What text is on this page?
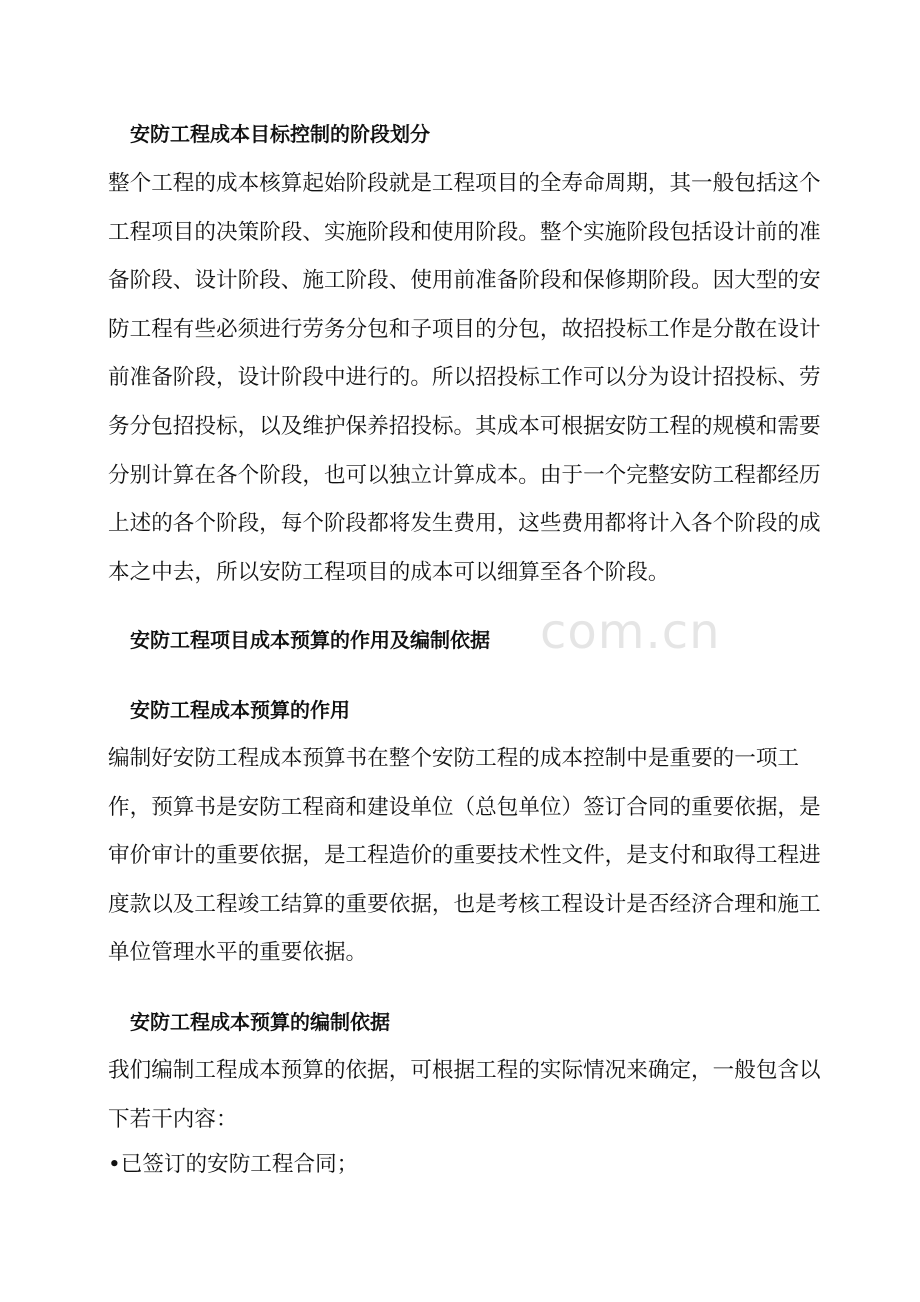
安防工程成本目标控制的阶段划分
整个工程的成本核算起始阶段就是工程项目的全寿命周期，其一般包括这个
工程项目的决策阶段、实施阶段和使用阶段。整个实施阶段包括设计前的准
备阶段、设计阶段、施工阶段、使用前准备阶段和保修期阶段。因大型的安
防工程有些必须进行劳务分包和子项目的分包，故招投标工作是分散在设计
前准备阶段，设计阶段中进行的。所以招投标工作可以分为设计招投标、劳
务分包招投标，以及维护保养招投标。其成本可根据安防工程的规模和需要
分别计算在各个阶段，也可以独立计算成本。由于一个完整安防工程都经历
上述的各个阶段，每个阶段都将发生费用，这些费用都将计入各个阶段的成
本之中去，所以安防工程项目的成本可以细算至各个阶段。
com.cn
安防工程项目成本预算的作用及编制依据
安防工程成本预算的作用
编制好安防工程成本预算书在整个安防工程的成本控制中是重要的一项工
作，预算书是安防工程商和建设单位（总包单位）签订合同的重要依据，是
审价审计的重要依据，是工程造价的重要技术性文件，是支付和取得工程进
度款以及工程竣工结算的重要依据，也是考核工程设计是否经济合理和施工
单位管理水平的重要依据。
安防工程成本预算的编制依据
我们编制工程成本预算的依据，可根据工程的实际情况来确定，一般包含以
下若干内容：
•已签订的安防工程合同；
